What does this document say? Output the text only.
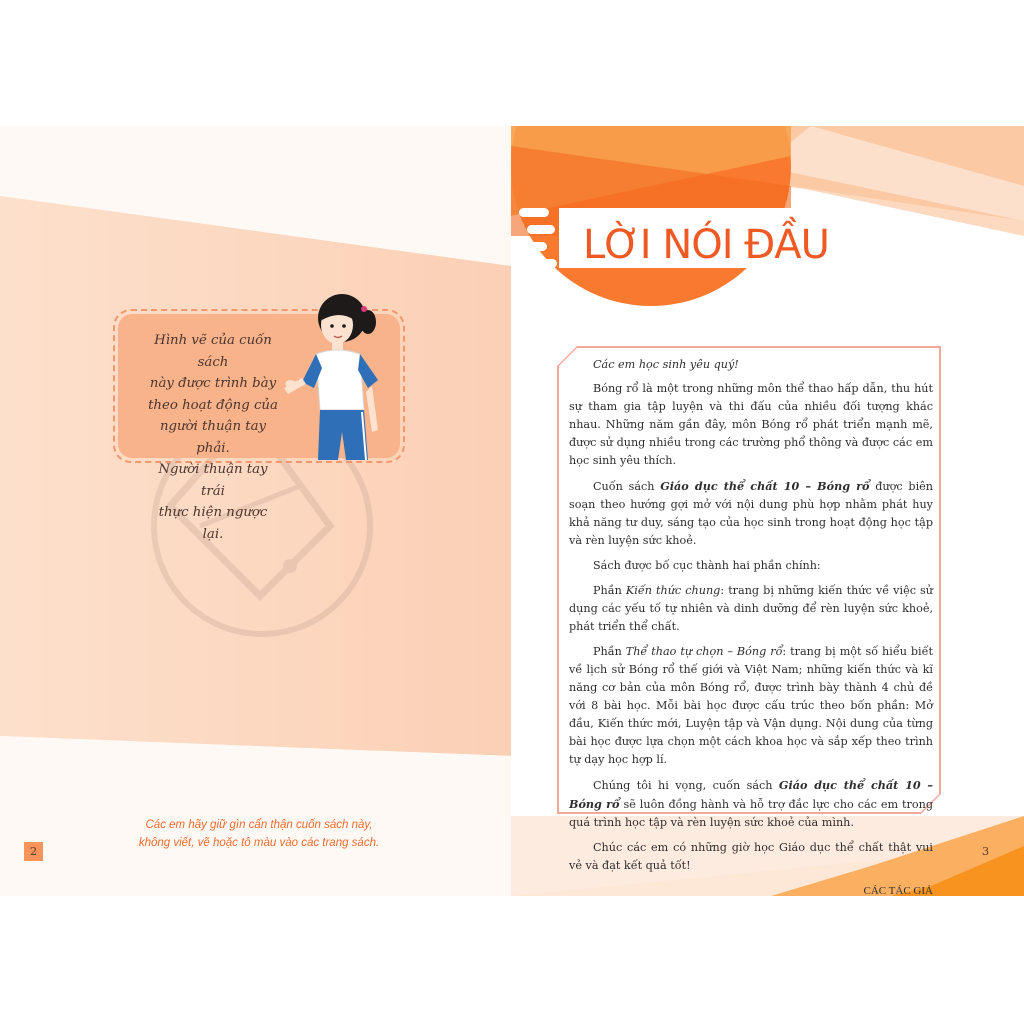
Hình vẽ của cuốn sách
này được trình bày
theo hoạt động của
người thuận tay phải.
Người thuận tay trái
thực hiện ngược lại.
Các em hãy giữ gìn cẩn thận cuốn sách này,
không viết, vẽ hoặc tô màu vào các trang sách.
2
LỜI NÓI ĐẦU

Các em học sinh yêu quý!

Bóng rổ là một trong những môn thể thao hấp dẫn, thu hút sự tham gia tập luyện và thi đấu của nhiều đối tượng khác nhau. Những năm gần đây, môn Bóng rổ phát triển mạnh mẽ, được sử dụng nhiều trong các trường phổ thông và được các em học sinh yêu thích.

Cuốn sách Giáo dục thể chất 10 – Bóng rổ được biên soạn theo hướng gợi mở với nội dung phù hợp nhằm phát huy khả năng tư duy, sáng tạo của học sinh trong hoạt động học tập và rèn luyện sức khoẻ.

Sách được bố cục thành hai phần chính:

Phần Kiến thức chung: trang bị những kiến thức về việc sử dụng các yếu tố tự nhiên và dinh dưỡng để rèn luyện sức khoẻ, phát triển thể chất.

Phần Thể thao tự chọn – Bóng rổ: trang bị một số hiểu biết về lịch sử Bóng rổ thế giới và Việt Nam; những kiến thức và kĩ năng cơ bản của môn Bóng rổ, được trình bày thành 4 chủ đề với 8 bài học. Mỗi bài học được cấu trúc theo bốn phần: Mở đầu, Kiến thức mới, Luyện tập và Vận dụng. Nội dung của từng bài học được lựa chọn một cách khoa học và sắp xếp theo trình tự dạy học hợp lí.

Chúng tôi hi vọng, cuốn sách Giáo dục thể chất 10 – Bóng rổ sẽ luôn đồng hành và hỗ trợ đắc lực cho các em trong quá trình học tập và rèn luyện sức khoẻ của mình.

Chúc các em có những giờ học Giáo dục thể chất thật vui vẻ và đạt kết quả tốt!

CÁC TÁC GIẢ

3
